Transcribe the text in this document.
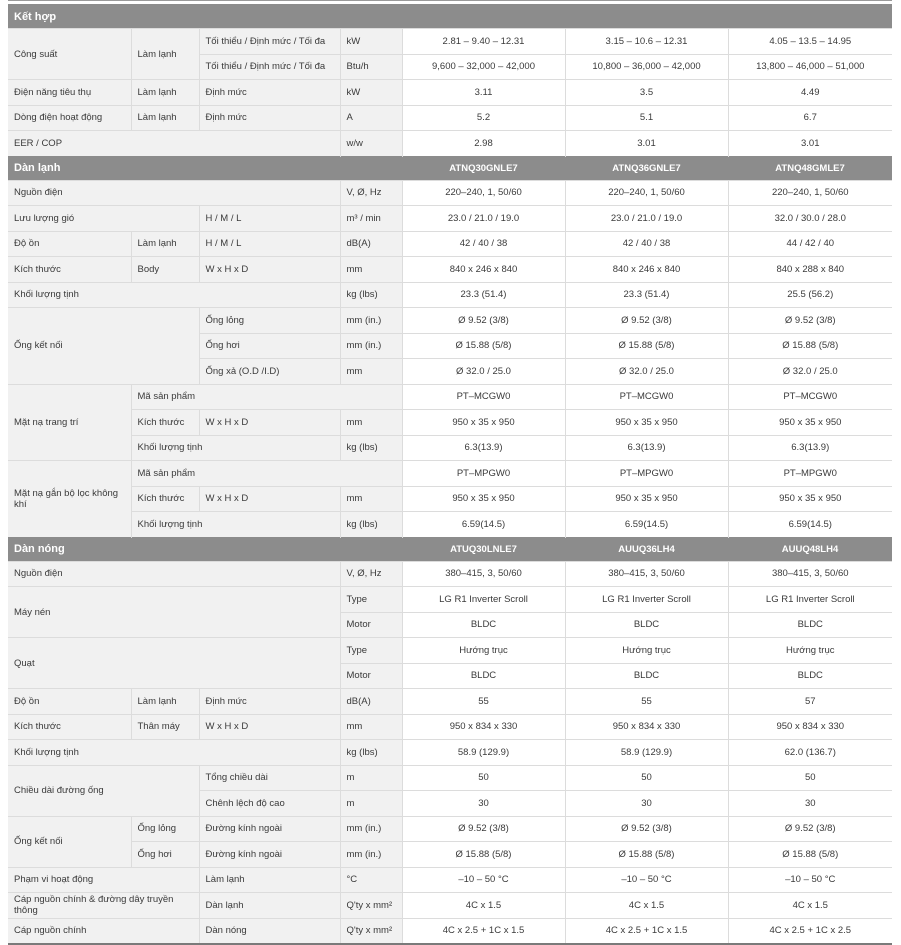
Kết hợp						
Công suất	Làm lạnh	Tối thiểu / Định mức / Tối đa	kW	2.81 – 9.40 – 12.31	3.15 – 10.6 – 12.31	4.05 – 13.5 – 14.95
		Tối thiểu / Định mức / Tối đa	Btu/h	9,600 – 32,000 – 42,000	10,800 – 36,000 – 42,000	13,800 – 46,000 – 51,000
Điện năng tiêu thụ	Làm lạnh	Định mức	kW	3.11	3.5	4.49
Dòng điện hoạt động	Làm lạnh	Định mức	A	5.2	5.1	6.7
EER / COP			w/w	2.98	3.01	3.01
Dàn lạnh				ATNQ30GNLE7	ATNQ36GNLE7	ATNQ48GMLE7
Nguồn điện			V, Ø, Hz	220–240, 1, 50/60	220–240, 1, 50/60	220–240, 1, 50/60
Lưu lượng gió		H / M / L	m³ / min	23.0 / 21.0 / 19.0	23.0 / 21.0 / 19.0	32.0 / 30.0 / 28.0
Độ ồn	Làm lạnh	H / M / L	dB(A)	42 / 40 / 38	42 / 40 / 38	44 / 42 / 40
Kích thước	Body	W x H x D	mm	840 x 246 x 840	840 x 246 x 840	840 x 288 x 840
Khối lượng tịnh			kg (lbs)	23.3 (51.4)	23.3 (51.4)	25.5 (56.2)
Ống kết nối		Ống lỏng	mm (in.)	Ø 9.52 (3/8)	Ø 9.52 (3/8)	Ø 9.52 (3/8)
		Ống hơi	mm (in.)	Ø 15.88 (5/8)	Ø 15.88 (5/8)	Ø 15.88 (5/8)
		Ống xả (O.D /I.D)	mm	Ø 32.0 / 25.0	Ø 32.0 / 25.0	Ø 32.0 / 25.0
Mặt nạ trang trí	Mã sản phẩm			PT–MCGW0	PT–MCGW0	PT–MCGW0
	Kích thước	W x H x D	mm	950 x 35 x 950	950 x 35 x 950	950 x 35 x 950
	Khối lượng tịnh		kg (lbs)	6.3(13.9)	6.3(13.9)	6.3(13.9)
Mặt nạ gắn bộ lọc không khí	Mã sản phẩm			PT–MPGW0	PT–MPGW0	PT–MPGW0
	Kích thước	W x H x D	mm	950 x 35 x 950	950 x 35 x 950	950 x 35 x 950
	Khối lượng tịnh		kg (lbs)	6.59(14.5)	6.59(14.5)	6.59(14.5)
Dàn nóng				ATUQ30LNLE7	AUUQ36LH4	AUUQ48LH4
Nguồn điện			V, Ø, Hz	380–415, 3, 50/60	380–415, 3, 50/60	380–415, 3, 50/60
Máy nén			Type	LG R1 Inverter Scroll	LG R1 Inverter Scroll	LG R1 Inverter Scroll
			Motor	BLDC	BLDC	BLDC
Quạt			Type	Hướng trục	Hướng trục	Hướng trục
			Motor	BLDC	BLDC	BLDC
Độ ồn	Làm lạnh	Định mức	dB(A)	55	55	57
Kích thước	Thân máy	W x H x D	mm	950 x 834 x 330	950 x 834 x 330	950 x 834 x 330
Khối lượng tịnh			kg (lbs)	58.9 (129.9)	58.9 (129.9)	62.0 (136.7)
Chiều dài đường ống		Tổng chiều dài	m	50	50	50
		Chênh lệch độ cao	m	30	30	30
Ống kết nối	Ống lỏng	Đường kính ngoài	mm (in.)	Ø 9.52 (3/8)	Ø 9.52 (3/8)	Ø 9.52 (3/8)
	Ống hơi	Đường kính ngoài	mm (in.)	Ø 15.88 (5/8)	Ø 15.88 (5/8)	Ø 15.88 (5/8)
Phạm vi hoạt động		Làm lạnh	°C	–10 – 50 °C	–10 – 50 °C	–10 – 50 °C
Cáp nguồn chính & đường dây truyền thông		Dàn lạnh	Q'ty x mm²	4C x 1.5	4C x 1.5	4C x 1.5
Cáp nguồn chính		Dàn nóng	Q'ty x mm²	4C x 2.5 + 1C x 1.5	4C x 2.5 + 1C x 1.5	4C x 2.5 + 1C x 2.5
